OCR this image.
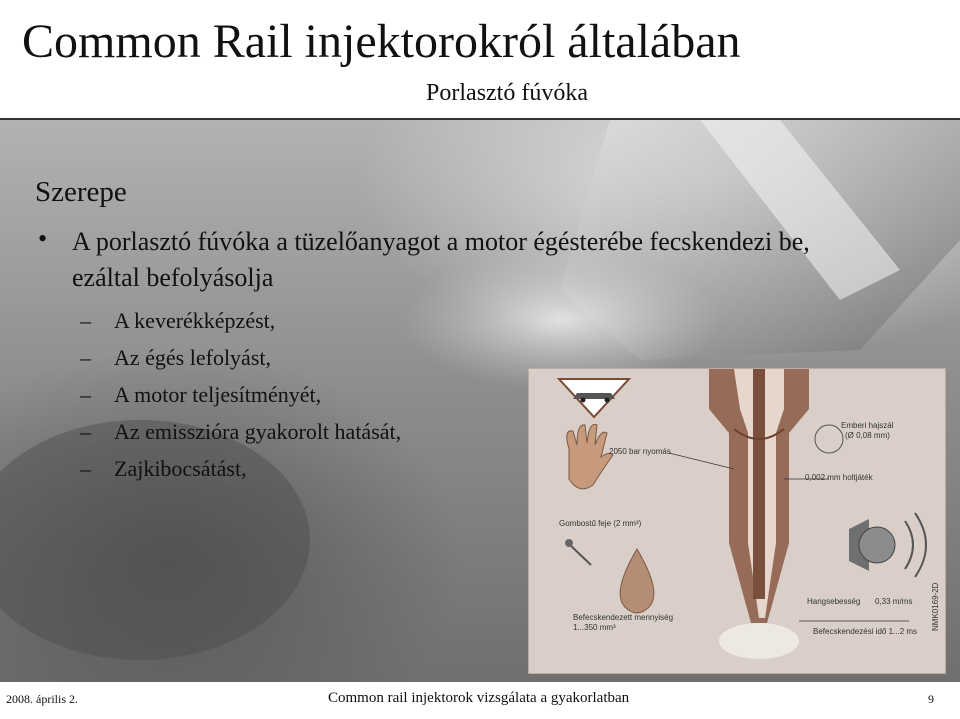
Common Rail injektorokról általában
Porlasztó fúvóka
Szerepe
• A porlasztó fúvóka a tüzelőanyagot a motor égésterébe fecskendezi be, ezáltal befolyásolja
– A keverékképzést,
– Az égés lefolyást,
– A motor teljesítményét,
– Az emisszióra gyakorolt hatását,
– Zajkibocsátást,
Emberi hajszál
(Ø 0,08 mm)
2050 bar nyomás
0,002 mm holtjáték
Gombostű feje (2 mm³)
Hangsebesség 0,33 m/ms
Befecskendezett mennyiség
1...350 mm³	Befecskendezési idő 1...2 ms
NMK0169-2D
2008. április 2.	Common rail injektorok vizsgálata a gyakorlatban	9
